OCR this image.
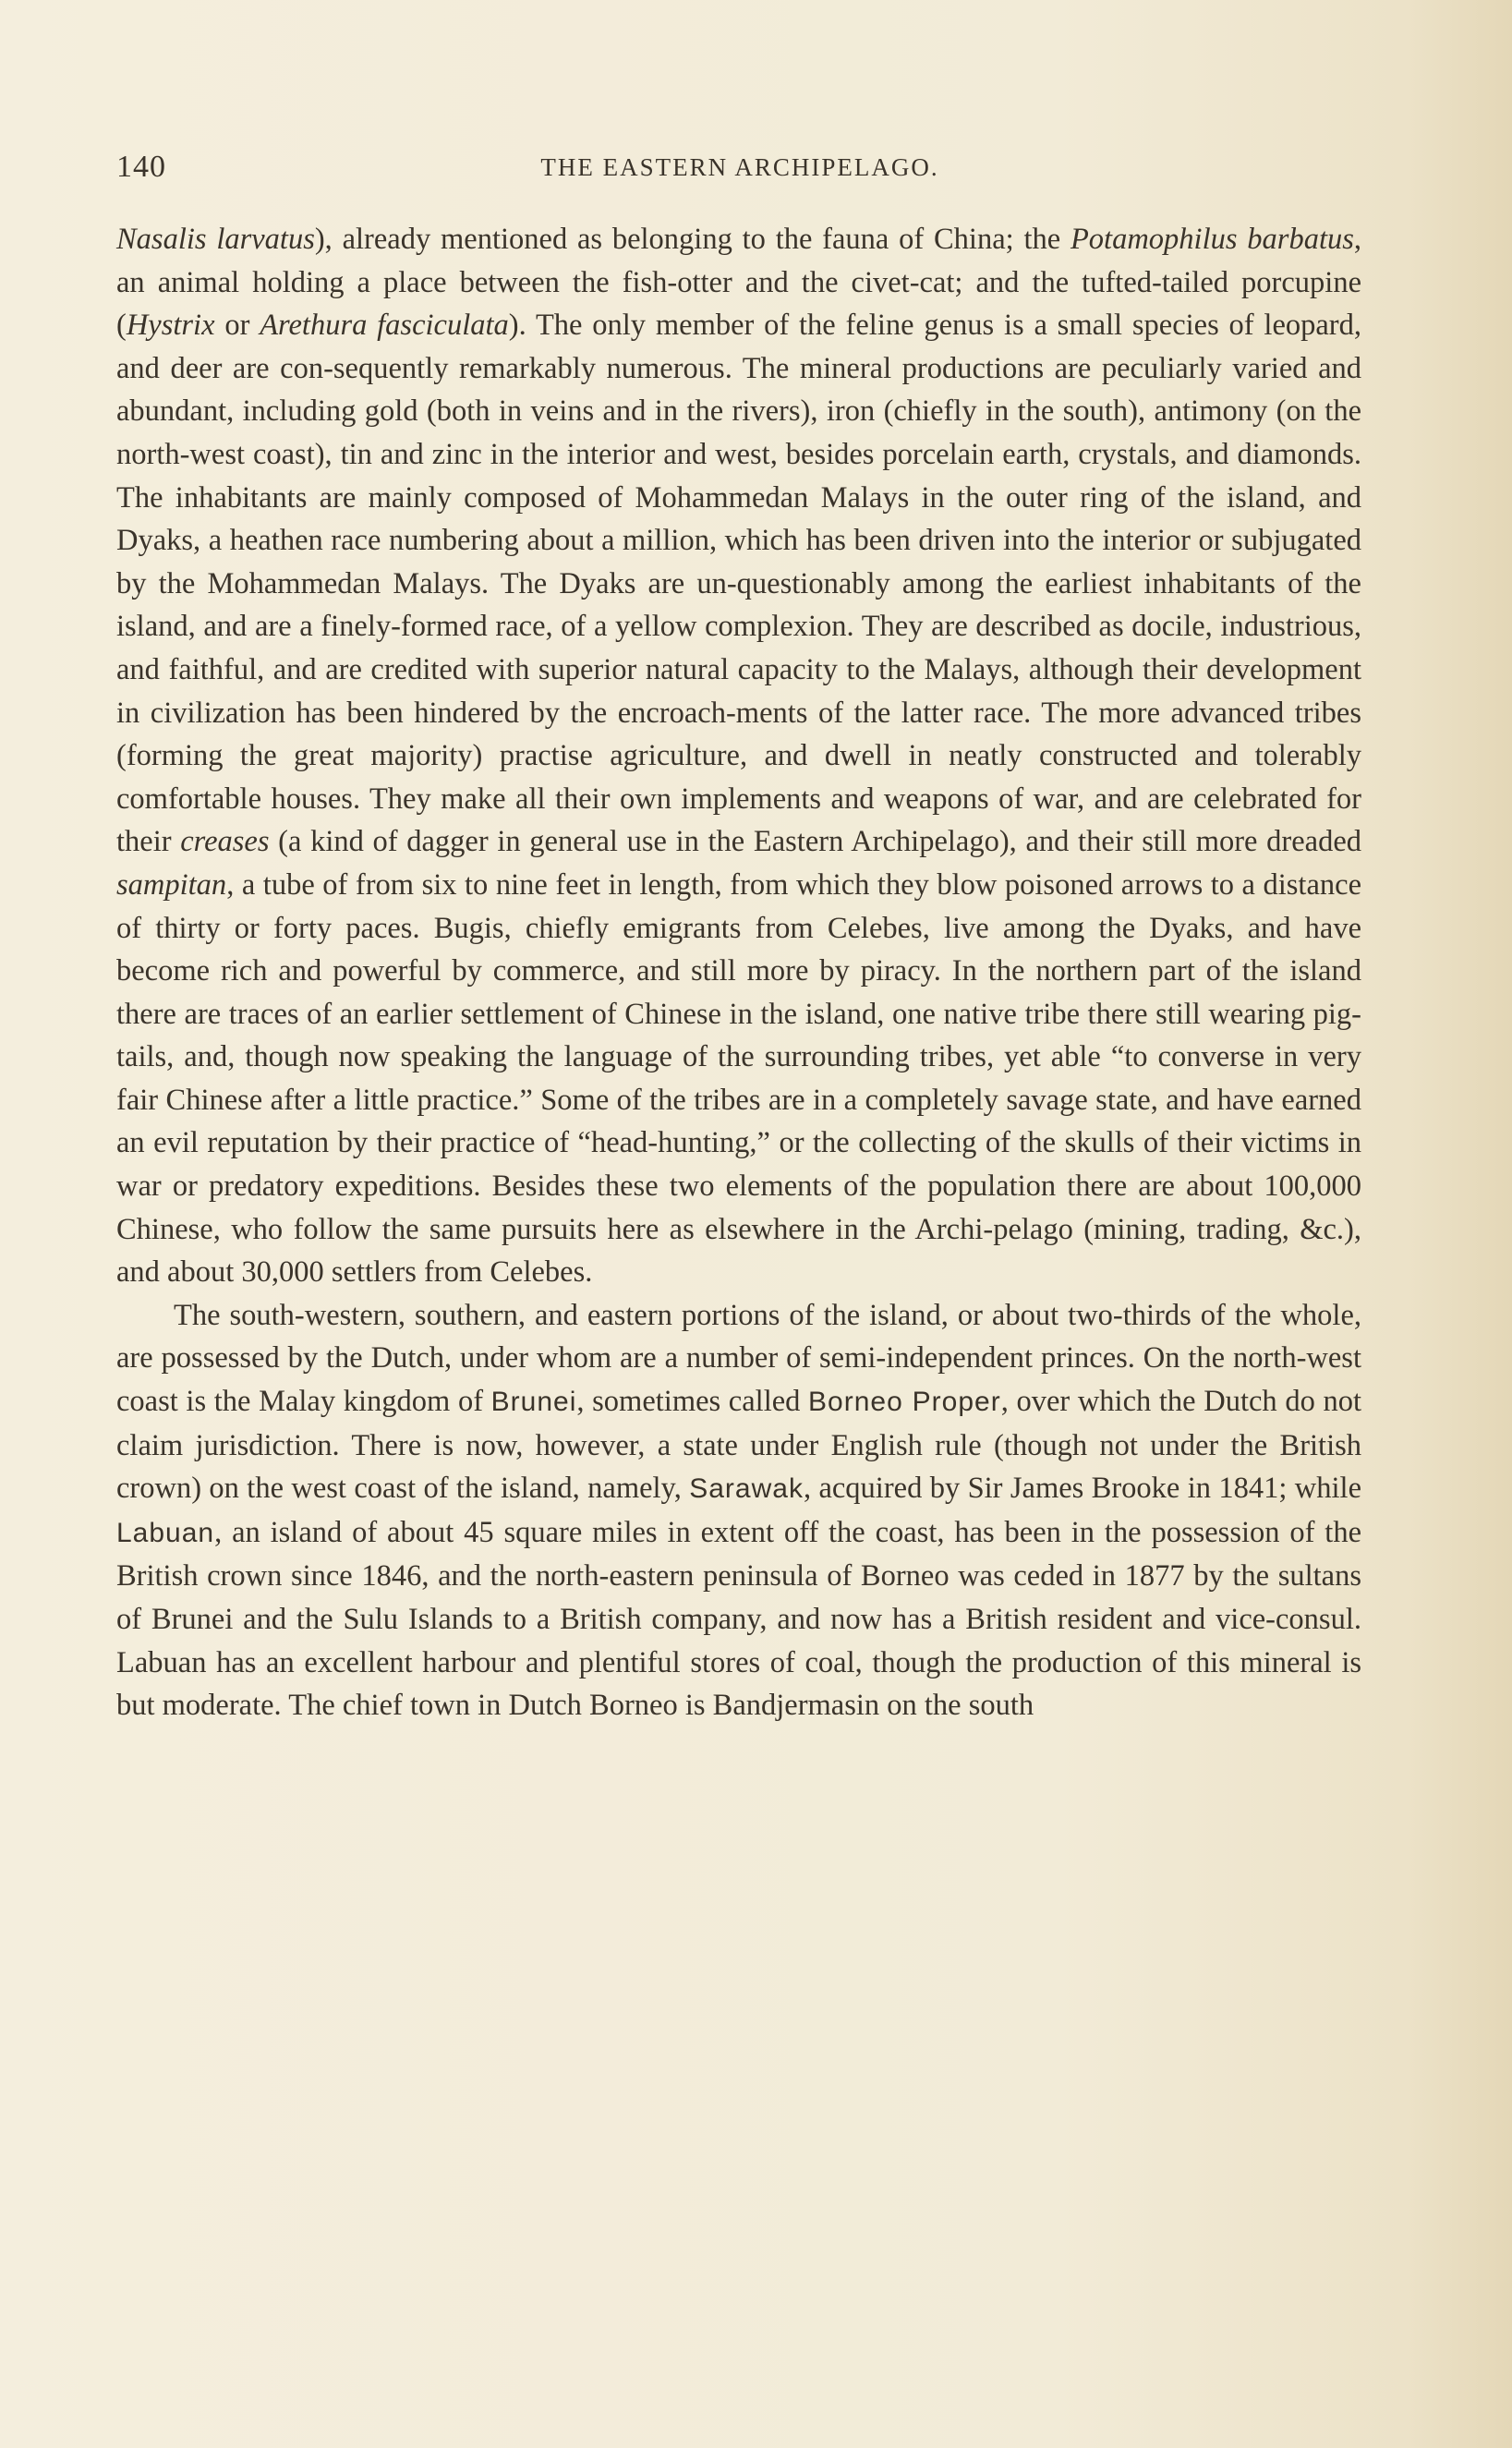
140	THE EASTERN ARCHIPELAGO.

Nasalis larvatus), already mentioned as belonging to the fauna of China; the Potamophilus barbatus, an animal holding a place between the fish-otter and the civet-cat; and the tufted-tailed porcupine (Hystrix or Arethura fasciculata). The only member of the feline genus is a small species of leopard, and deer are con-sequently remarkably numerous. The mineral productions are peculiarly varied and abundant, including gold (both in veins and in the rivers), iron (chiefly in the south), antimony (on the north-west coast), tin and zinc in the interior and west, besides porcelain earth, crystals, and diamonds. The inhabitants are mainly composed of Mohammedan Malays in the outer ring of the island, and Dyaks, a heathen race numbering about a million, which has been driven into the interior or subjugated by the Mohammedan Malays. The Dyaks are un-questionably among the earliest inhabitants of the island, and are a finely-formed race, of a yellow complexion. They are described as docile, industrious, and faithful, and are credited with superior natural capacity to the Malays, although their development in civilization has been hindered by the encroach-ments of the latter race. The more advanced tribes (forming the great majority) practise agriculture, and dwell in neatly constructed and tolerably comfortable houses. They make all their own implements and weapons of war, and are celebrated for their creases (a kind of dagger in general use in the Eastern Archipelago), and their still more dreaded sampitan, a tube of from six to nine feet in length, from which they blow poisoned arrows to a distance of thirty or forty paces. Bugis, chiefly emigrants from Celebes, live among the Dyaks, and have become rich and powerful by commerce, and still more by piracy. In the northern part of the island there are traces of an earlier settlement of Chinese in the island, one native tribe there still wearing pig-tails, and, though now speaking the language of the surrounding tribes, yet able “to converse in very fair Chinese after a little practice.” Some of the tribes are in a completely savage state, and have earned an evil reputation by their practice of “head-hunting,” or the collecting of the skulls of their victims in war or predatory expeditions. Besides these two elements of the population there are about 100,000 Chinese, who follow the same pursuits here as elsewhere in the Archi-pelago (mining, trading, &c.), and about 30,000 settlers from Celebes.

The south-western, southern, and eastern portions of the island, or about two-thirds of the whole, are possessed by the Dutch, under whom are a number of semi-independent princes. On the north-west coast is the Malay kingdom of Brunei, sometimes called Borneo Proper, over which the Dutch do not claim jurisdiction. There is now, however, a state under English rule (though not under the British crown) on the west coast of the island, namely, Sarawak, acquired by Sir James Brooke in 1841; while Labuan, an island of about 45 square miles in extent off the coast, has been in the possession of the British crown since 1846, and the north-eastern peninsula of Borneo was ceded in 1877 by the sultans of Brunei and the Sulu Islands to a British company, and now has a British resident and vice-consul. Labuan has an excellent harbour and plentiful stores of coal, though the production of this mineral is but moderate. The chief town in Dutch Borneo is Bandjermasin on the south
